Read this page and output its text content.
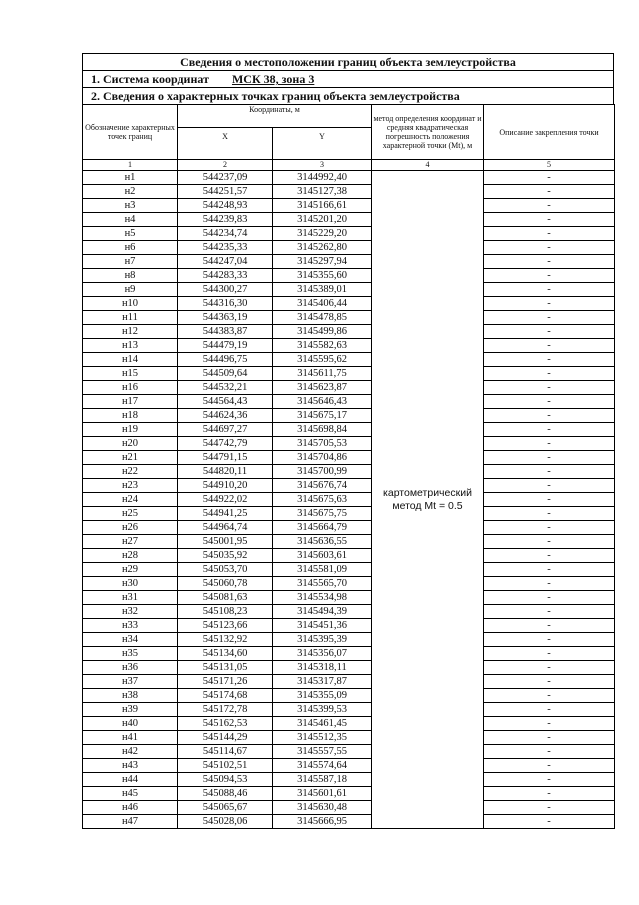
Сведения о местоположении границ объекта землеустройства
1. Система координат МСК 38, зона 3
2. Сведения о характерных точках границ объекта землеустройства
Обозначение характерных точек границ	Координаты, м		метод определения координат и средняя квадратическая погрешность положения характерной точки (Mt), м	Описание закрепления точки
	X	Y		
1	2	3	4	5
н1	544237,09	3144992,40	картометрический метод Mt = 0.5	-
н2	544251,57	3145127,38		-
н3	544248,93	3145166,61		-
н4	544239,83	3145201,20		-
н5	544234,74	3145229,20		-
н6	544235,33	3145262,80		-
н7	544247,04	3145297,94		-
н8	544283,33	3145355,60		-
н9	544300,27	3145389,01		-
н10	544316,30	3145406,44		-
н11	544363,19	3145478,85		-
н12	544383,87	3145499,86		-
н13	544479,19	3145582,63		-
н14	544496,75	3145595,62		-
н15	544509,64	3145611,75		-
н16	544532,21	3145623,87		-
н17	544564,43	3145646,43		-
н18	544624,36	3145675,17		-
н19	544697,27	3145698,84		-
н20	544742,79	3145705,53		-
н21	544791,15	3145704,86		-
н22	544820,11	3145700,99		-
н23	544910,20	3145676,74		-
н24	544922,02	3145675,63		-
н25	544941,25	3145675,75		-
н26	544964,74	3145664,79		-
н27	545001,95	3145636,55		-
н28	545035,92	3145603,61		-
н29	545053,70	3145581,09		-
н30	545060,78	3145565,70		-
н31	545081,63	3145534,98		-
н32	545108,23	3145494,39		-
н33	545123,66	3145451,36		-
н34	545132,92	3145395,39		-
н35	545134,60	3145356,07		-
н36	545131,05	3145318,11		-
н37	545171,26	3145317,87		-
н38	545174,68	3145355,09		-
н39	545172,78	3145399,53		-
н40	545162,53	3145461,45		-
н41	545144,29	3145512,35		-
н42	545114,67	3145557,55		-
н43	545102,51	3145574,64		-
н44	545094,53	3145587,18		-
н45	545088,46	3145601,61		-
н46	545065,67	3145630,48		-
н47	545028,06	3145666,95		-
